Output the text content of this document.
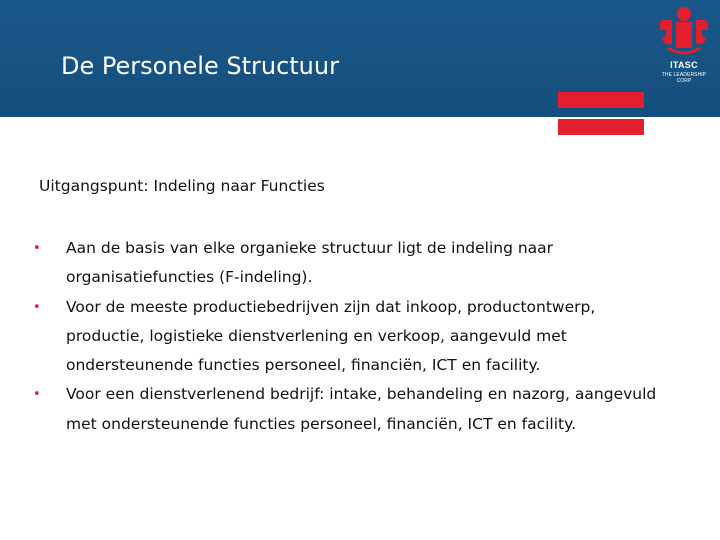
De Personele Structuur	ITASC
THE LEADERSHIP CORP
Uitgangspunt: Indeling naar Functies
• Aan de basis van elke organieke structuur ligt de indeling naar
organisatiefuncties (F-indeling).
• Voor de meeste productiebedrijven zijn dat inkoop, productontwerp,
productie, logistieke dienstverlening en verkoop, aangevuld met
ondersteunende functies personeel, financiën, ICT en facility.
• Voor een dienstverlenend bedrijf: intake, behandeling en nazorg, aangevuld
met ondersteunende functies personeel, financiën, ICT en facility.
